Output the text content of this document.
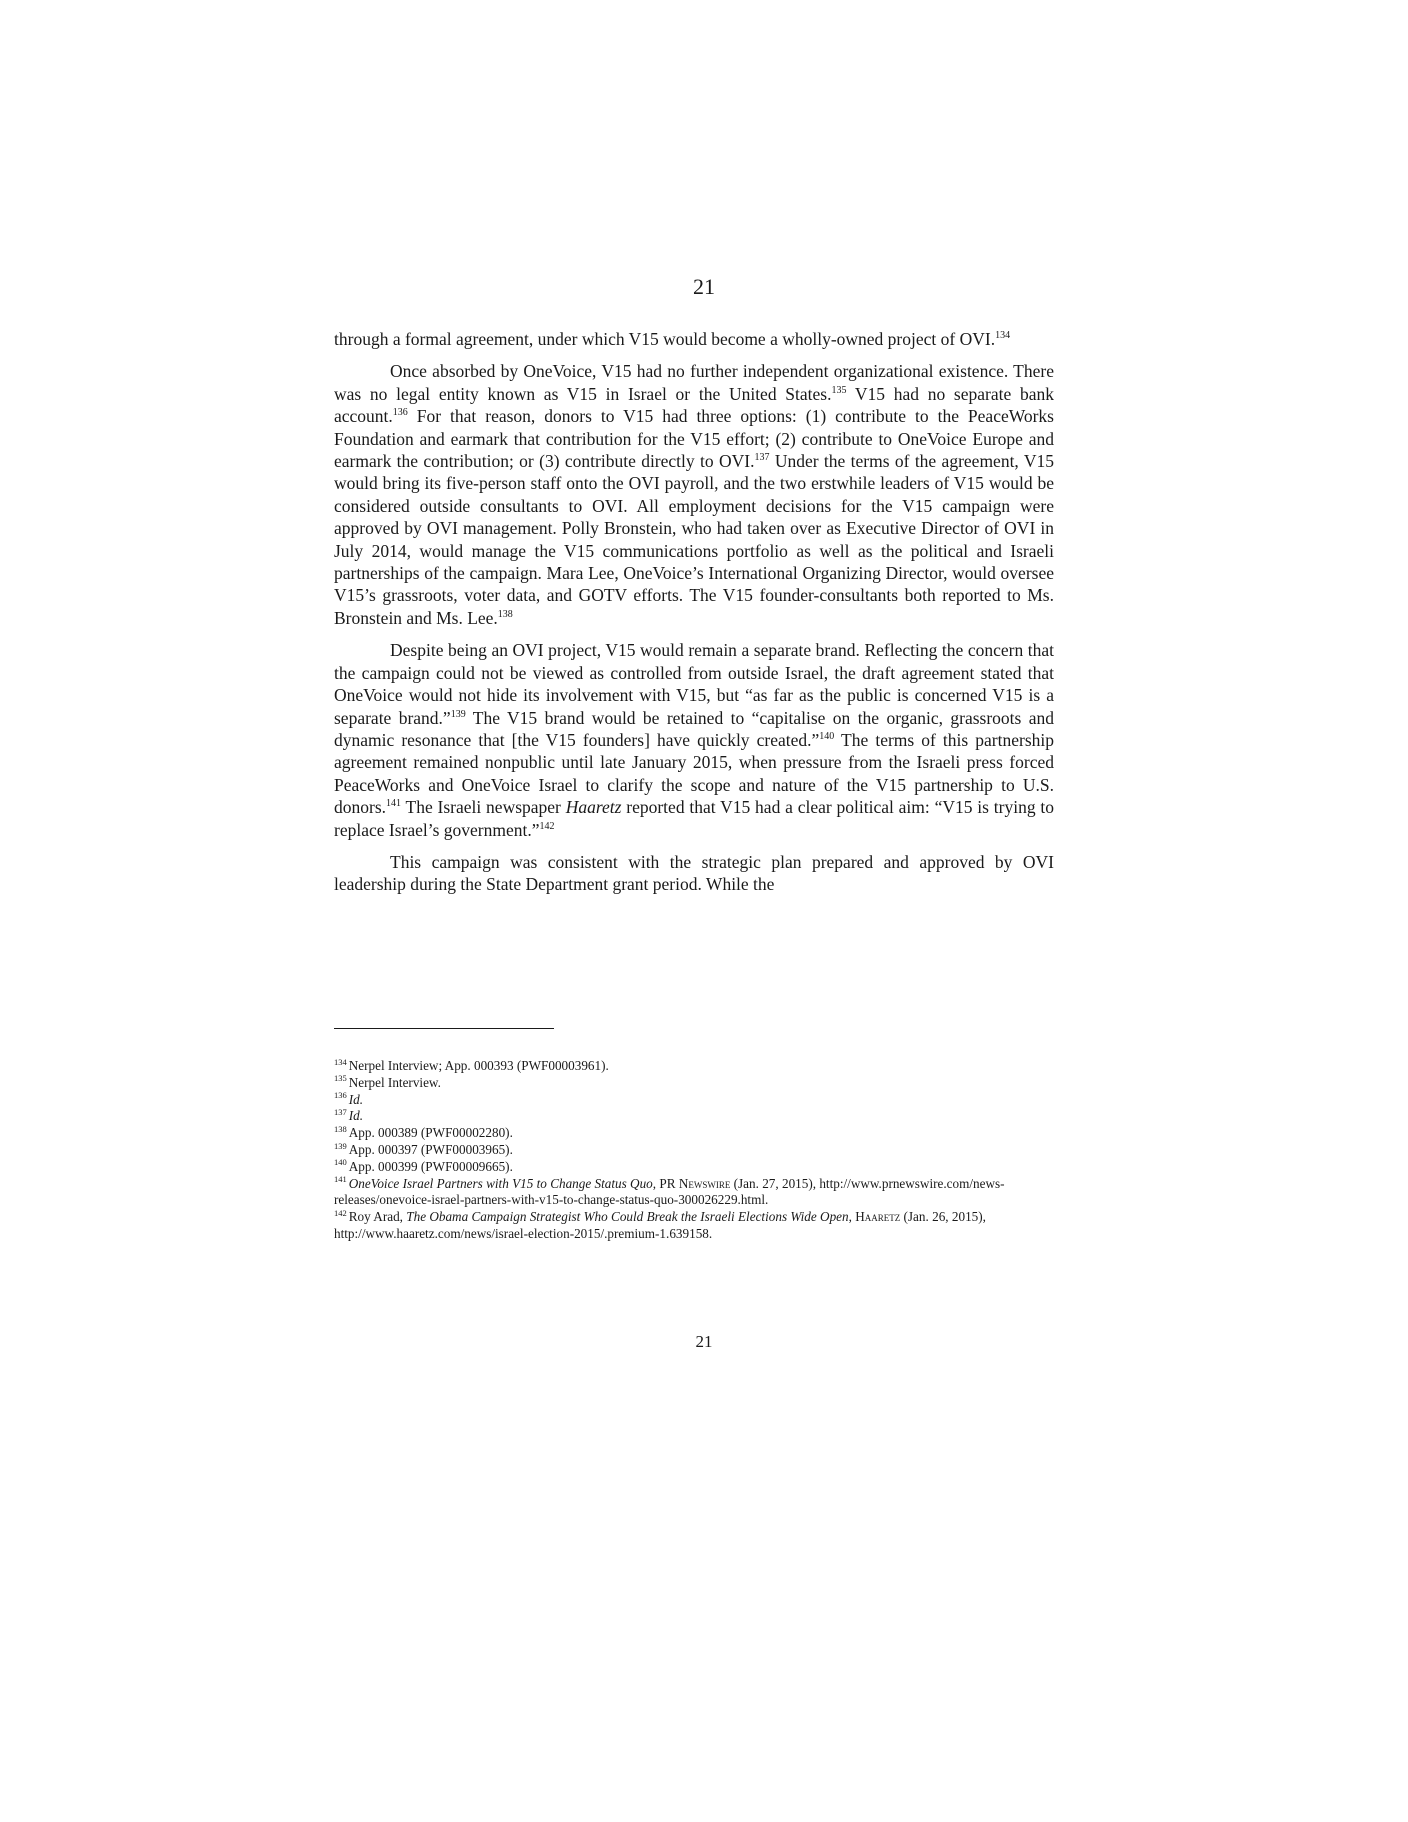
21

through a formal agreement, under which V15 would become a wholly-owned project of OVI.$^{134}$

Once absorbed by OneVoice, V15 had no further independent organizational existence. There was no legal entity known as V15 in Israel or the United States.$^{135}$ V15 had no separate bank account.$^{136}$ For that reason, donors to V15 had three options: (1) contribute to the PeaceWorks Foundation and earmark that contribution for the V15 effort; (2) contribute to OneVoice Europe and earmark the contribution; or (3) contribute directly to OVI.$^{137}$ Under the terms of the agreement, V15 would bring its five-person staff onto the OVI payroll, and the two erstwhile leaders of V15 would be considered outside consultants to OVI. All employment decisions for the V15 campaign were approved by OVI management. Polly Bronstein, who had taken over as Executive Director of OVI in July 2014, would manage the V15 communications portfolio as well as the political and Israeli partnerships of the campaign. Mara Lee, OneVoice’s International Organizing Director, would oversee V15’s grassroots, voter data, and GOTV efforts. The V15 founder-consultants both reported to Ms. Bronstein and Ms. Lee.$^{138}$

Despite being an OVI project, V15 would remain a separate brand. Reflecting the concern that the campaign could not be viewed as controlled from outside Israel, the draft agreement stated that OneVoice would not hide its involvement with V15, but “as far as the public is concerned V15 is a separate brand.”$^{139}$ The V15 brand would be retained to “capitalise on the organic, grassroots and dynamic resonance that [the V15 founders] have quickly created.”$^{140}$ The terms of this partnership agreement remained nonpublic until late January 2015, when pressure from the Israeli press forced PeaceWorks and OneVoice Israel to clarify the scope and nature of the V15 partnership to U.S. donors.$^{141}$ The Israeli newspaper Haaretz reported that V15 had a clear political aim: “V15 is trying to replace Israel’s government.”$^{142}$

This campaign was consistent with the strategic plan prepared and approved by OVI leadership during the State Department grant period. While the

$^{134}$ Nerpel Interview; App. 000393 (PWF00003961).

$^{135}$ Nerpel Interview.

$^{136}$ Id.

$^{137}$ Id.

$^{138}$ App. 000389 (PWF00002280).

$^{139}$ App. 000397 (PWF00003965).

$^{140}$ App. 000399 (PWF00009665).

$^{141}$ OneVoice Israel Partners with V15 to Change Status Quo, PR Newswire (Jan. 27, 2015), http://www.prnewswire.com/news-releases/onevoice-israel-partners-with-v15-to-change-status-quo-300026229.html.

$^{142}$ Roy Arad, The Obama Campaign Strategist Who Could Break the Israeli Elections Wide Open, Haaretz (Jan. 26, 2015), http://www.haaretz.com/news/israel-election-2015/.premium-1.639158.

21
